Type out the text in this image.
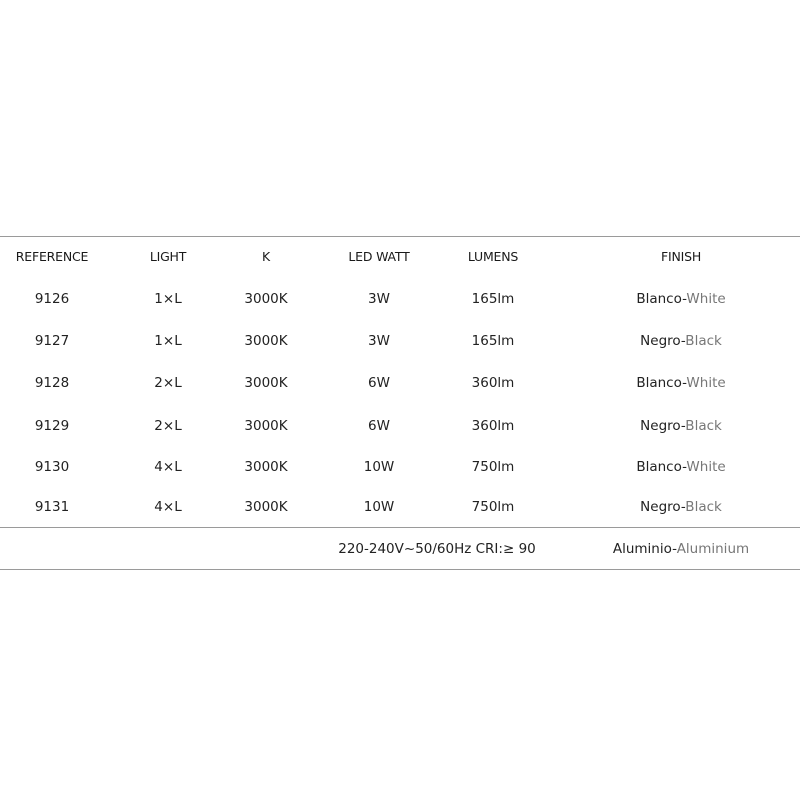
REFERENCE	LIGHT	K	LED WATT	LUMENS	FINISH
9126	1×L	3000K	3W	165lm	Blanco-White
9127	1×L	3000K	3W	165lm	Negro-Black
9128	2×L	3000K	6W	360lm	Blanco-White
9129	2×L	3000K	6W	360lm	Negro-Black
9130	4×L	3000K	10W	750lm	Blanco-White
9131	4×L	3000K	10W	750lm	Negro-Black
220-240V~50/60Hz CRI:≥ 90	Aluminio-Aluminium
